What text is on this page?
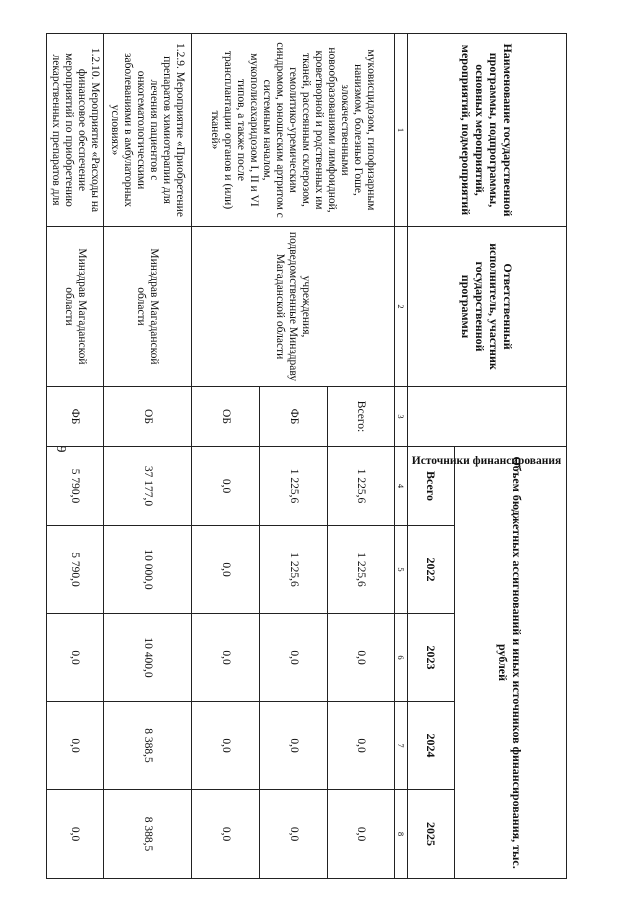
9
Наименование государственной программы, подпрограммы, основных мероприятий, мероприятий, подмероприятий	Ответственный исполнитель, участник государственной программы	Источники финансирования	Объем бюджетных ассигнований и иных источников финансирования, тыс. рублей				
			Всего	2022	2023	2024	2025
1	2	3	4	5	6	7	8
мукoвисцидозом, гипофизарным нанизмом, болезнью Гоше, злокачественными новообразованиями лимфоидной, кроветворной и родственных им тканей, рассеянным склерозом, гемолитико-уремическим синдромом, юношеским артритом с системным началом, мукополисахаридозом I, II и VI типов, а также после трансплантации органов и (или) тканей»	учреждения, подведомственные Минздраву Магаданской области	Всего:	1 225,6	1 225,6	0,0	0,0	0,0
		ФБ	1 225,6	1 225,6	0,0	0,0	0,0
		ОБ	0,0	0,0	0,0	0,0	0,0
1.2.9. Мероприятие «Приобретение препаратов химиотерапии для лечения пациентов с онкогематологическими заболеваниями в амбулаторных условиях»	Минздрав Магаданской области	ОБ	37 177,0	10 000,0	10 400,0	8 388,5	8 388,5
1.2.10. Мероприятие «Расходы на финансовое обеспечение мероприятий по приобретению лекарственных препаратов для	Минздрав Магаданской области	ФБ	5 790,0	5 790,0	0,0	0,0	0,0
